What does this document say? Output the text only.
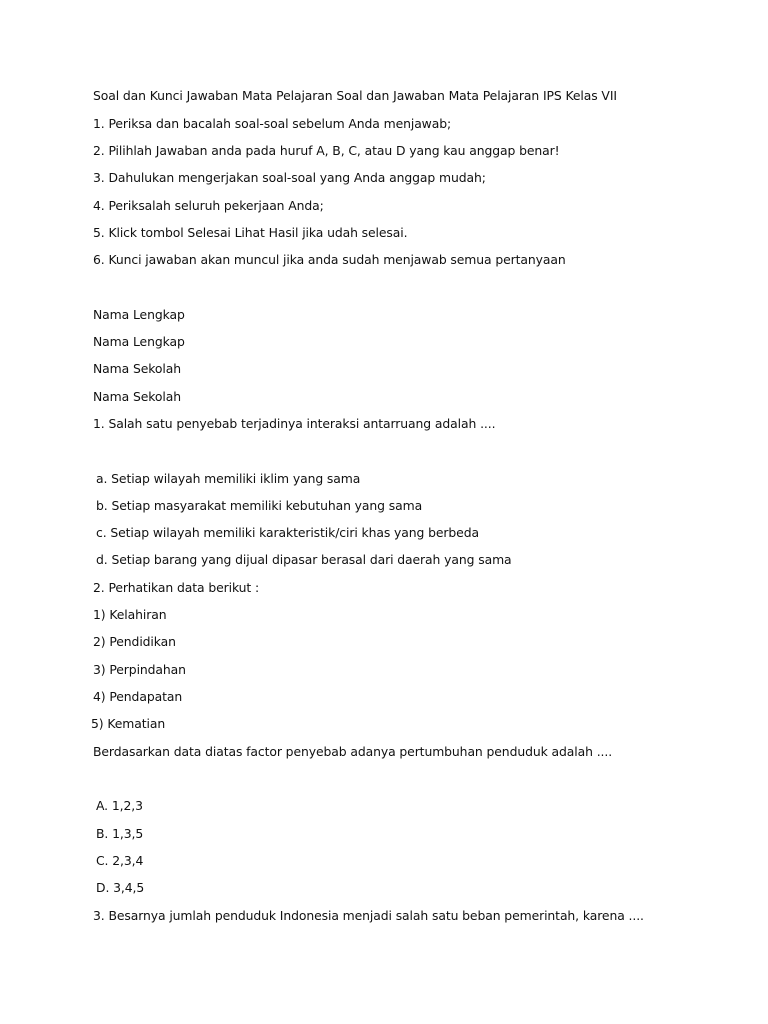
Soal dan Kunci Jawaban Mata Pelajaran Soal dan Jawaban Mata Pelajaran IPS Kelas VII
1. Periksa dan bacalah soal-soal sebelum Anda menjawab;
2. Pilihlah Jawaban anda pada huruf A, B, C, atau D yang kau anggap benar!
3. Dahulukan mengerjakan soal-soal yang Anda anggap mudah;
4. Periksalah seluruh pekerjaan Anda;
5. Klick tombol Selesai Lihat Hasil jika udah selesai.
6. Kunci jawaban akan muncul jika anda sudah menjawab semua pertanyaan
Nama Lengkap
Nama Lengkap
Nama Sekolah
Nama Sekolah
1. Salah satu penyebab terjadinya interaksi antarruang adalah ....
a. Setiap wilayah memiliki iklim yang sama
b. Setiap masyarakat memiliki kebutuhan yang sama
c. Setiap wilayah memiliki karakteristik/ciri khas yang berbeda
d. Setiap barang yang dijual dipasar berasal dari daerah yang sama
2. Perhatikan data berikut :
1) Kelahiran
2) Pendidikan
3) Perpindahan
4) Pendapatan
5) Kematian
Berdasarkan data diatas factor penyebab adanya pertumbuhan penduduk adalah ....
A. 1,2,3
B. 1,3,5
C. 2,3,4
D. 3,4,5
3. Besarnya jumlah penduduk Indonesia menjadi salah satu beban pemerintah, karena ....
